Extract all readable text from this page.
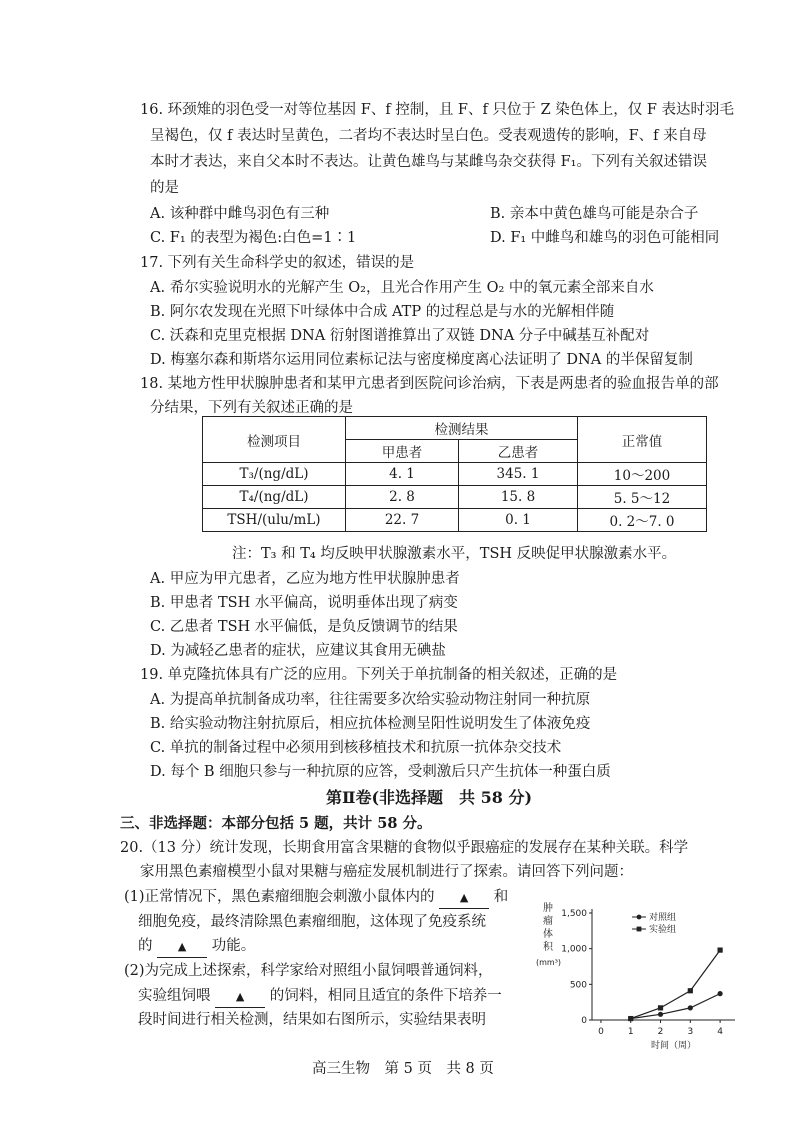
16. 环颈雉的羽色受一对等位基因 F、f 控制，且 F、f 只位于 Z 染色体上，仅 F 表达时羽毛
呈褐色，仅 f 表达时呈黄色，二者均不表达时呈白色。受表观遗传的影响，F、f 来自母
本时才表达，来自父本时不表达。让黄色雄鸟与某雌鸟杂交获得 F₁。下列有关叙述错误
的是
A. 该种群中雌鸟羽色有三种	B. 亲本中黄色雄鸟可能是杂合子
C. F₁ 的表型为褐色:白色=1∶1	D. F₁ 中雌鸟和雄鸟的羽色可能相同
17. 下列有关生命科学史的叙述，错误的是
A. 希尔实验说明水的光解产生 O₂，且光合作用产生 O₂ 中的氧元素全部来自水
B. 阿尔农发现在光照下叶绿体中合成 ATP 的过程总是与水的光解相伴随
C. 沃森和克里克根据 DNA 衍射图谱推算出了双链 DNA 分子中碱基互补配对
D. 梅塞尔森和斯塔尔运用同位素标记法与密度梯度离心法证明了 DNA 的半保留复制
18. 某地方性甲状腺肿患者和某甲亢患者到医院问诊治病，下表是两患者的验血报告单的部
分结果，下列有关叙述正确的是
检测项目	检测结果		正常值
	甲患者	乙患者	
T₃/(ng/dL)	4. 1	345. 1	10～200
T₄/(ng/dL)	2. 8	15. 8	5. 5～12
TSH/(ulu/mL)	22. 7	0. 1	0. 2～7. 0
注：T₃ 和 T₄ 均反映甲状腺激素水平，TSH 反映促甲状腺激素水平。
A. 甲应为甲亢患者，乙应为地方性甲状腺肿患者
B. 甲患者 TSH 水平偏高，说明垂体出现了病变
C. 乙患者 TSH 水平偏低，是负反馈调节的结果
D. 为减轻乙患者的症状，应建议其食用无碘盐
19. 单克隆抗体具有广泛的应用。下列关于单抗制备的相关叙述，正确的是
A. 为提高单抗制备成功率，往往需要多次给实验动物注射同一种抗原
B. 给实验动物注射抗原后，相应抗体检测呈阳性说明发生了体液免疫
C. 单抗的制备过程中必须用到核移植技术和抗原一抗体杂交技术
D. 每个 B 细胞只参与一种抗原的应答，受刺激后只产生抗体一种蛋白质
第Ⅱ卷(非选择题　共 58 分)
三、非选择题：本部分包括 5 题，共计 58 分。
20.（13 分）统计发现，长期食用富含果糖的食物似乎跟癌症的发展存在某种关联。科学
家用黑色素瘤模型小鼠对果糖与癌症发展机制进行了探索。请回答下列问题：
(1)正常情况下，黑色素瘤细胞会刺激小鼠体内的 ▲ 和
细胞免疫，最终清除黑色素瘤细胞，这体现了免疫系统
的 ▲ 功能。
(2)为完成上述探索，科学家给对照组小鼠饲喂普通饲料，
实验组饲喂 ▲ 的饲料，相同且适宜的条件下培养一
段时间进行相关检测，结果如右图所示，实验结果表明	0
500
1,000
1,500
0	1	2	3	4
肿
瘤
体
积
(mm³)
时间（周）
对照组
实验组
高三生物　第 5 页　共 8 页
